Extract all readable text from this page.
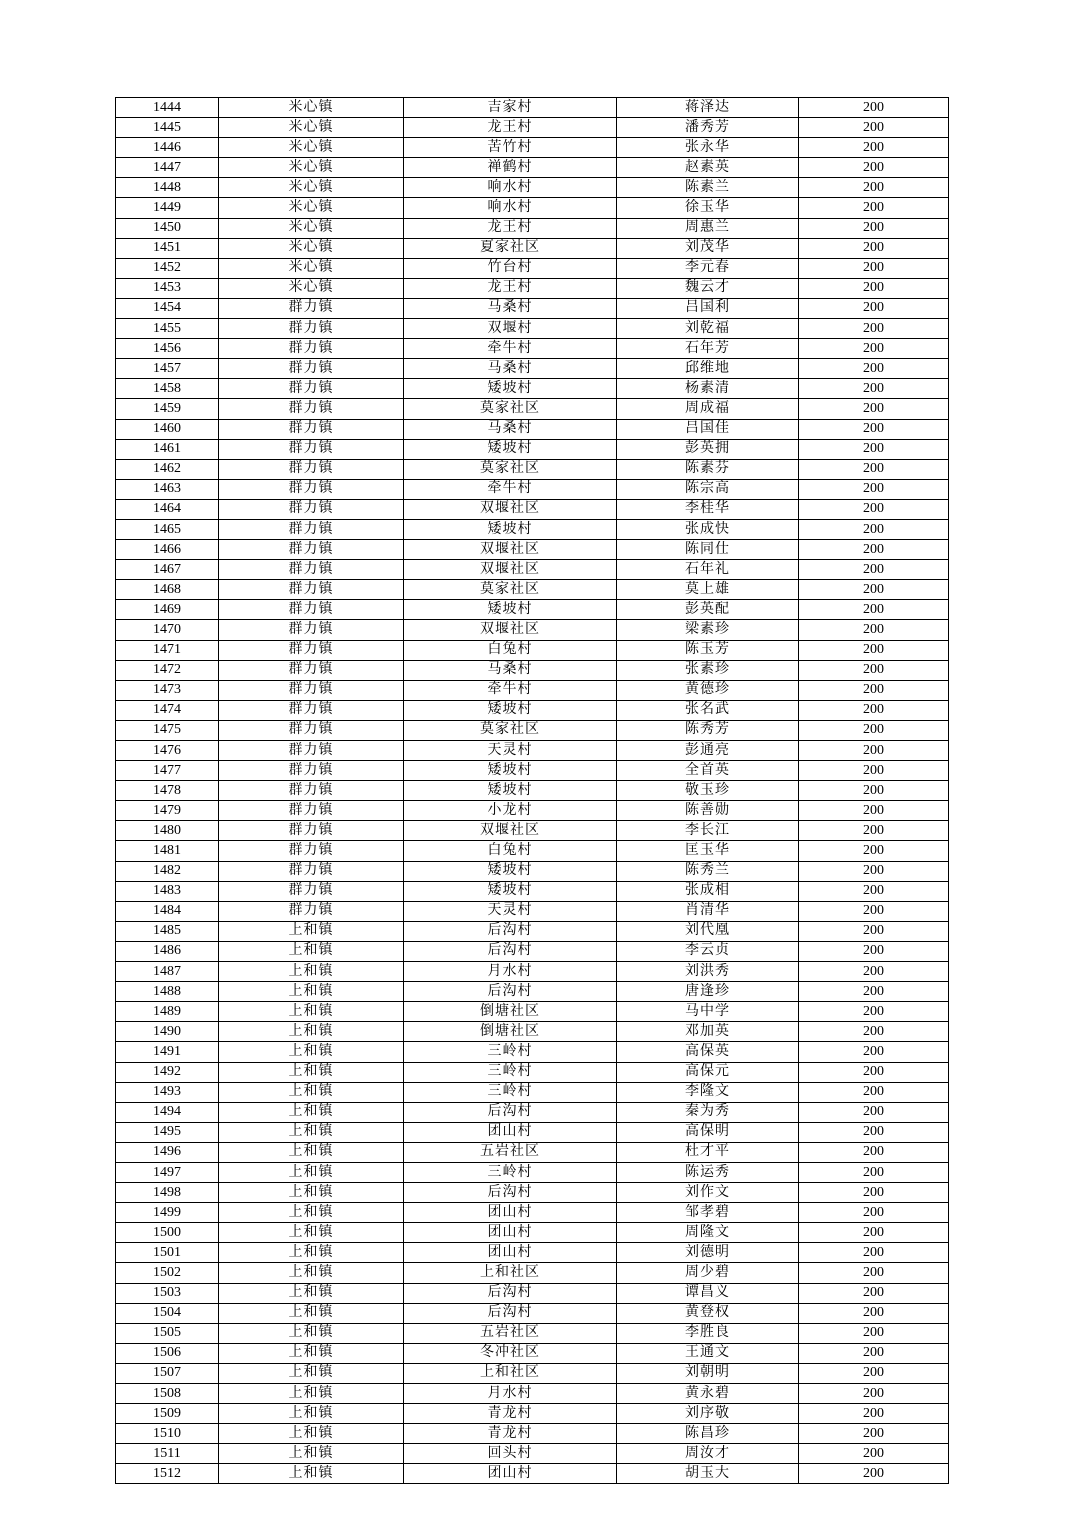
1444	米心镇	吉家村	蒋泽达	200
1445	米心镇	龙王村	潘秀芳	200
1446	米心镇	苦竹村	张永华	200
1447	米心镇	禅鹤村	赵素英	200
1448	米心镇	响水村	陈素兰	200
1449	米心镇	响水村	徐玉华	200
1450	米心镇	龙王村	周惠兰	200
1451	米心镇	夏家社区	刘茂华	200
1452	米心镇	竹台村	李元春	200
1453	米心镇	龙王村	魏云才	200
1454	群力镇	马桑村	吕国利	200
1455	群力镇	双堰村	刘乾福	200
1456	群力镇	牵牛村	石年芳	200
1457	群力镇	马桑村	邱维地	200
1458	群力镇	矮坡村	杨素清	200
1459	群力镇	莫家社区	周成福	200
1460	群力镇	马桑村	吕国佳	200
1461	群力镇	矮坡村	彭英拥	200
1462	群力镇	莫家社区	陈素芬	200
1463	群力镇	牵牛村	陈宗高	200
1464	群力镇	双堰社区	李桂华	200
1465	群力镇	矮坡村	张成快	200
1466	群力镇	双堰社区	陈同仕	200
1467	群力镇	双堰社区	石年礼	200
1468	群力镇	莫家社区	莫上雄	200
1469	群力镇	矮坡村	彭英配	200
1470	群力镇	双堰社区	梁素珍	200
1471	群力镇	白兔村	陈玉芳	200
1472	群力镇	马桑村	张素珍	200
1473	群力镇	牵牛村	黄德珍	200
1474	群力镇	矮坡村	张名武	200
1475	群力镇	莫家社区	陈秀芳	200
1476	群力镇	天灵村	彭通亮	200
1477	群力镇	矮坡村	全首英	200
1478	群力镇	矮坡村	敬玉珍	200
1479	群力镇	小龙村	陈善勋	200
1480	群力镇	双堰社区	李长江	200
1481	群力镇	白兔村	匡玉华	200
1482	群力镇	矮坡村	陈秀兰	200
1483	群力镇	矮坡村	张成相	200
1484	群力镇	天灵村	肖清华	200
1485	上和镇	后沟村	刘代凰	200
1486	上和镇	后沟村	李云贞	200
1487	上和镇	月水村	刘洪秀	200
1488	上和镇	后沟村	唐逢珍	200
1489	上和镇	倒塘社区	马中学	200
1490	上和镇	倒塘社区	邓加英	200
1491	上和镇	三岭村	高保英	200
1492	上和镇	三岭村	高保元	200
1493	上和镇	三岭村	李隆文	200
1494	上和镇	后沟村	秦为秀	200
1495	上和镇	团山村	高保明	200
1496	上和镇	五岩社区	杜才平	200
1497	上和镇	三岭村	陈运秀	200
1498	上和镇	后沟村	刘作文	200
1499	上和镇	团山村	邹孝碧	200
1500	上和镇	团山村	周隆文	200
1501	上和镇	团山村	刘德明	200
1502	上和镇	上和社区	周少碧	200
1503	上和镇	后沟村	谭昌义	200
1504	上和镇	后沟村	黄登权	200
1505	上和镇	五岩社区	李胜良	200
1506	上和镇	冬冲社区	王通文	200
1507	上和镇	上和社区	刘朝明	200
1508	上和镇	月水村	黄永碧	200
1509	上和镇	青龙村	刘序敬	200
1510	上和镇	青龙村	陈昌珍	200
1511	上和镇	回头村	周汝才	200
1512	上和镇	团山村	胡玉大	200
